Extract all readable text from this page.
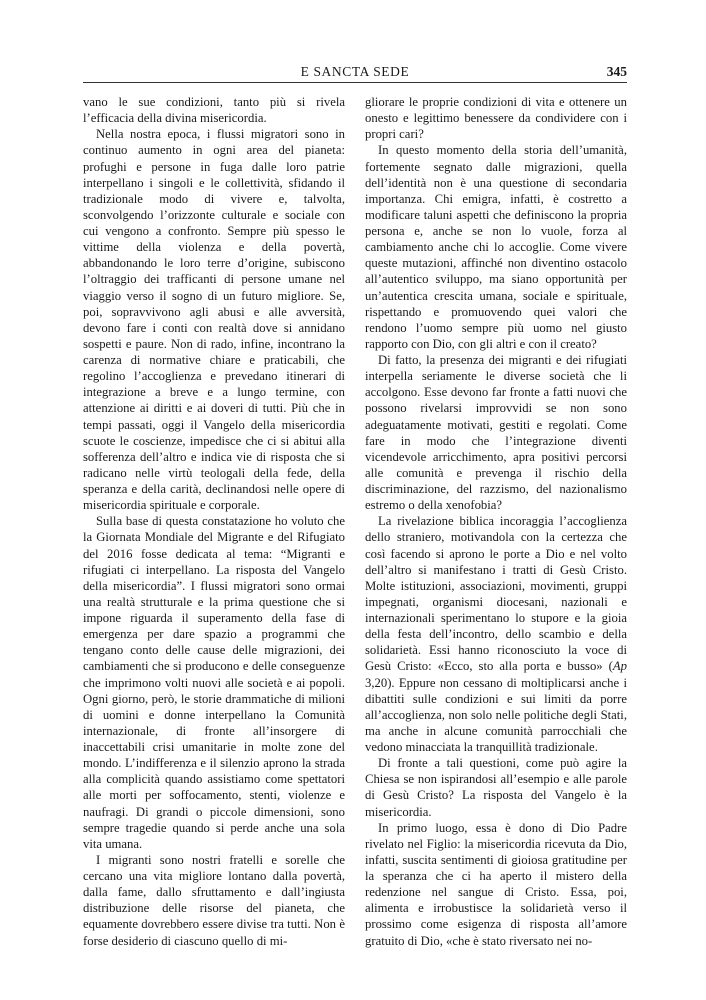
E SANCTA SEDE	345

vano le sue condizioni, tanto più si rivela l’efficacia della divina misericordia.

Nella nostra epoca, i flussi migratori sono in continuo aumento in ogni area del pianeta: profughi e persone in fuga dalle loro patrie interpellano i singoli e le collettività, sfidando il tradizionale modo di vivere e, talvolta, sconvolgendo l’orizzonte culturale e sociale con cui vengono a confronto. Sempre più spesso le vittime della violenza e della povertà, abbandonando le loro terre d’origine, subiscono l’oltraggio dei trafficanti di persone umane nel viaggio verso il sogno di un futuro migliore. Se, poi, sopravvivono agli abusi e alle avversità, devono fare i conti con realtà dove si annidano sospetti e paure. Non di rado, infine, incontrano la carenza di normative chiare e praticabili, che regolino l’accoglienza e prevedano itinerari di integrazione a breve e a lungo termine, con attenzione ai diritti e ai doveri di tutti. Più che in tempi passati, oggi il Vangelo della misericordia scuote le coscienze, impedisce che ci si abitui alla sofferenza dell’altro e indica vie di risposta che si radicano nelle virtù teologali della fede, della speranza e della carità, declinandosi nelle opere di misericordia spirituale e corporale.

Sulla base di questa constatazione ho voluto che la Giornata Mondiale del Migrante e del Rifugiato del 2016 fosse dedicata al tema: “Migranti e rifugiati ci interpellano. La risposta del Vangelo della misericordia”. I flussi migratori sono ormai una realtà strutturale e la prima questione che si impone riguarda il superamento della fase di emergenza per dare spazio a programmi che tengano conto delle cause delle migrazioni, dei cambiamenti che si producono e delle conseguenze che imprimono volti nuovi alle società e ai popoli. Ogni giorno, però, le storie drammatiche di milioni di uomini e donne interpellano la Comunità internazionale, di fronte all’insorgere di inaccettabili crisi umanitarie in molte zone del mondo. L’indifferenza e il silenzio aprono la strada alla complicità quando assistiamo come spettatori alle morti per soffocamento, stenti, violenze e naufragi. Di grandi o piccole dimensioni, sono sempre tragedie quando si perde anche una sola vita umana.

I migranti sono nostri fratelli e sorelle che cercano una vita migliore lontano dalla povertà, dalla fame, dallo sfruttamento e dall’ingiusta distribuzione delle risorse del pianeta, che equamente dovrebbero essere divise tra tutti. Non è forse desiderio di ciascuno quello di mi-

gliorare le proprie condizioni di vita e ottenere un onesto e legittimo benessere da condividere con i propri cari?

In questo momento della storia dell’umanità, fortemente segnato dalle migrazioni, quella dell’identità non è una questione di secondaria importanza. Chi emigra, infatti, è costretto a modificare taluni aspetti che definiscono la propria persona e, anche se non lo vuole, forza al cambiamento anche chi lo accoglie. Come vivere queste mutazioni, affinché non diventino ostacolo all’autentico sviluppo, ma siano opportunità per un’autentica crescita umana, sociale e spirituale, rispettando e promuovendo quei valori che rendono l’uomo sempre più uomo nel giusto rapporto con Dio, con gli altri e con il creato?

Di fatto, la presenza dei migranti e dei rifugiati interpella seriamente le diverse società che li accolgono. Esse devono far fronte a fatti nuovi che possono rivelarsi improvvidi se non sono adeguatamente motivati, gestiti e regolati. Come fare in modo che l’integrazione diventi vicendevole arricchimento, apra positivi percorsi alle comunità e prevenga il rischio della discriminazione, del razzismo, del nazionalismo estremo o della xenofobia?

La rivelazione biblica incoraggia l’accoglienza dello straniero, motivandola con la certezza che così facendo si aprono le porte a Dio e nel volto dell’altro si manifestano i tratti di Gesù Cristo. Molte istituzioni, associazioni, movimenti, gruppi impegnati, organismi diocesani, nazionali e internazionali sperimentano lo stupore e la gioia della festa dell’incontro, dello scambio e della solidarietà. Essi hanno riconosciuto la voce di Gesù Cristo: «Ecco, sto alla porta e busso» (Ap 3,20). Eppure non cessano di moltiplicarsi anche i dibattiti sulle condizioni e sui limiti da porre all’accoglienza, non solo nelle politiche degli Stati, ma anche in alcune comunità parrocchiali che vedono minacciata la tranquillità tradizionale.

Di fronte a tali questioni, come può agire la Chiesa se non ispirandosi all’esempio e alle parole di Gesù Cristo? La risposta del Vangelo è la misericordia.

In primo luogo, essa è dono di Dio Padre rivelato nel Figlio: la misericordia ricevuta da Dio, infatti, suscita sentimenti di gioiosa gratitudine per la speranza che ci ha aperto il mistero della redenzione nel sangue di Cristo. Essa, poi, alimenta e irrobustisce la solidarietà verso il prossimo come esigenza di risposta all’amore gratuito di Dio, «che è stato riversato nei no-
